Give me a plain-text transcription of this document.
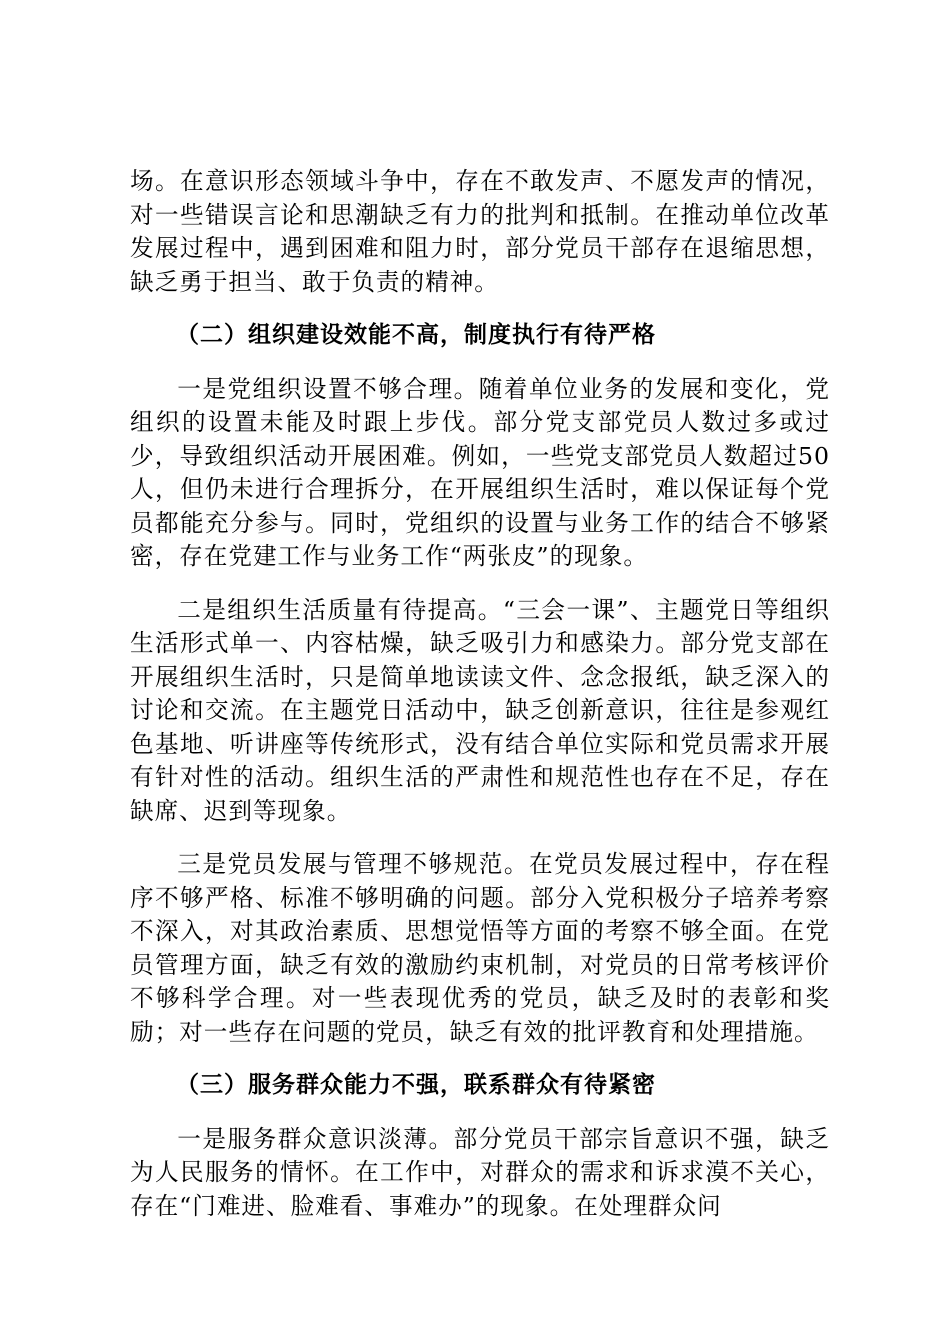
场。在意识形态领域斗争中，存在不敢发声、不愿发声的情况，对一些错误言论和思潮缺乏有力的批判和抵制。在推动单位改革发展过程中，遇到困难和阻力时，部分党员干部存在退缩思想，缺乏勇于担当、敢于负责的精神。

（二）组织建设效能不高，制度执行有待严格

一是党组织设置不够合理。随着单位业务的发展和变化，党组织的设置未能及时跟上步伐。部分党支部党员人数过多或过少，导致组织活动开展困难。例如，一些党支部党员人数超过50人，但仍未进行合理拆分，在开展组织生活时，难以保证每个党员都能充分参与。同时，党组织的设置与业务工作的结合不够紧密，存在党建工作与业务工作“两张皮”的现象。

二是组织生活质量有待提高。“三会一课”、主题党日等组织生活形式单一、内容枯燥，缺乏吸引力和感染力。部分党支部在开展组织生活时，只是简单地读读文件、念念报纸，缺乏深入的讨论和交流。在主题党日活动中，缺乏创新意识，往往是参观红色基地、听讲座等传统形式，没有结合单位实际和党员需求开展有针对性的活动。组织生活的严肃性和规范性也存在不足，存在缺席、迟到等现象。

三是党员发展与管理不够规范。在党员发展过程中，存在程序不够严格、标准不够明确的问题。部分入党积极分子培养考察不深入，对其政治素质、思想觉悟等方面的考察不够全面。在党员管理方面，缺乏有效的激励约束机制，对党员的日常考核评价不够科学合理。对一些表现优秀的党员，缺乏及时的表彰和奖励；对一些存在问题的党员，缺乏有效的批评教育和处理措施。

（三）服务群众能力不强，联系群众有待紧密

一是服务群众意识淡薄。部分党员干部宗旨意识不强，缺乏为人民服务的情怀。在工作中，对群众的需求和诉求漠不关心，存在“门难进、脸难看、事难办”的现象。在处理群众问
